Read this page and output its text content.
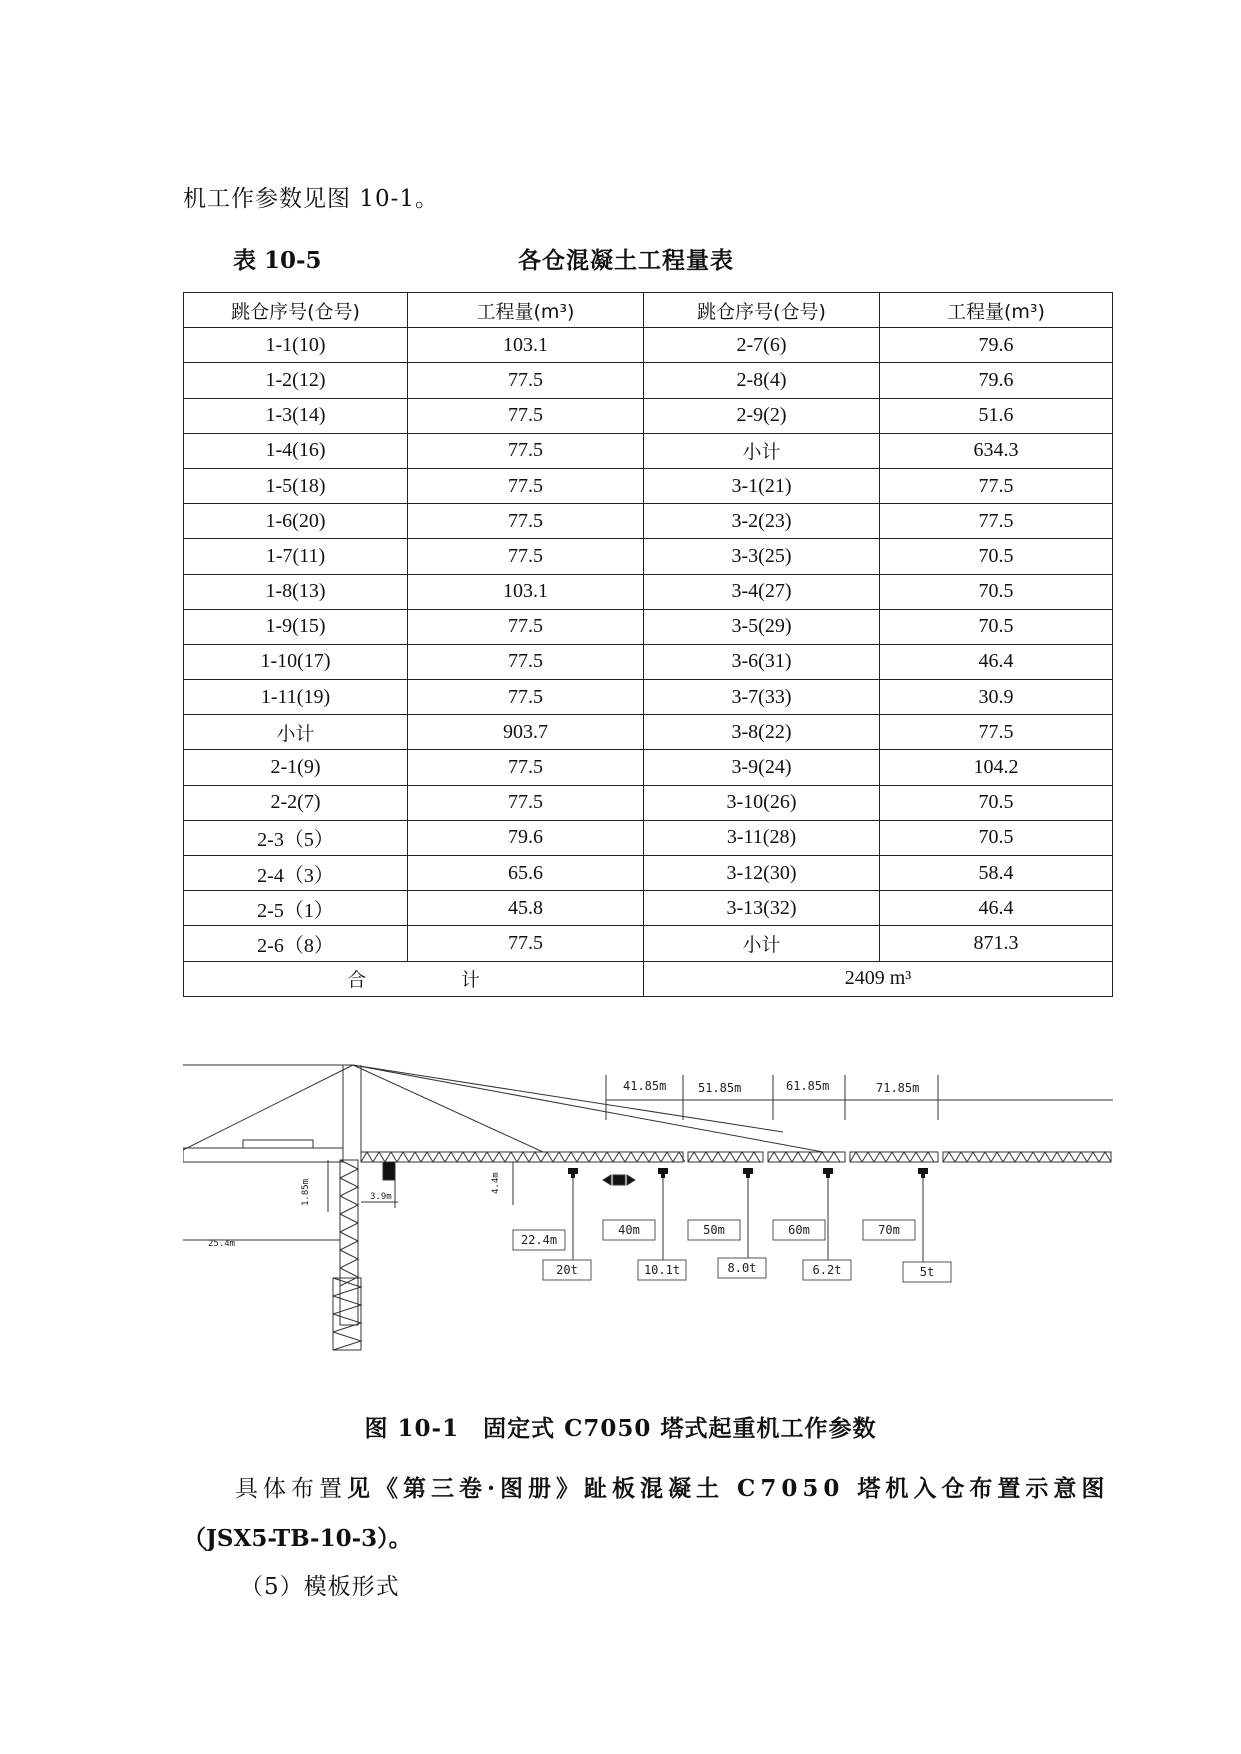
机工作参数见图 10-1。
表 10-5	各仓混凝土工程量表
跳仓序号(仓号)	工程量(m³)	跳仓序号(仓号)	工程量(m³)
1-1(10)	103.1	2-7(6)	79.6
1-2(12)	77.5	2-8(4)	79.6
1-3(14)	77.5	2-9(2)	51.6
1-4(16)	77.5	小计	634.3
1-5(18)	77.5	3-1(21)	77.5
1-6(20)	77.5	3-2(23)	77.5
1-7(11)	77.5	3-3(25)	70.5
1-8(13)	103.1	3-4(27)	70.5
1-9(15)	77.5	3-5(29)	70.5
1-10(17)	77.5	3-6(31)	46.4
1-11(19)	77.5	3-7(33)	30.9
小计	903.7	3-8(22)	77.5
2-1(9)	77.5	3-9(24)	104.2
2-2(7)	77.5	3-10(26)	70.5
2-3（5）	79.6	3-11(28)	70.5
2-4（3）	65.6	3-12(30)	58.4
2-5（1）	45.8	3-13(32)	46.4
2-6（8）	77.5	小计	871.3
合　　　　　计		2409 m³	
22.4m
20t
40m
10.1t
50m
8.0t
60m
6.2t
70m
5t
41.85m	51.85m	61.85m	71.85m
1.85m	3.9m
4.4m
25.4m
图 10-1　固定式 C7050 塔式起重机工作参数
具体布置见《第三卷·图册》趾板混凝土 C7050 塔机入仓布置示意图
（JSX5-TB-10-3）。
（5）模板形式
